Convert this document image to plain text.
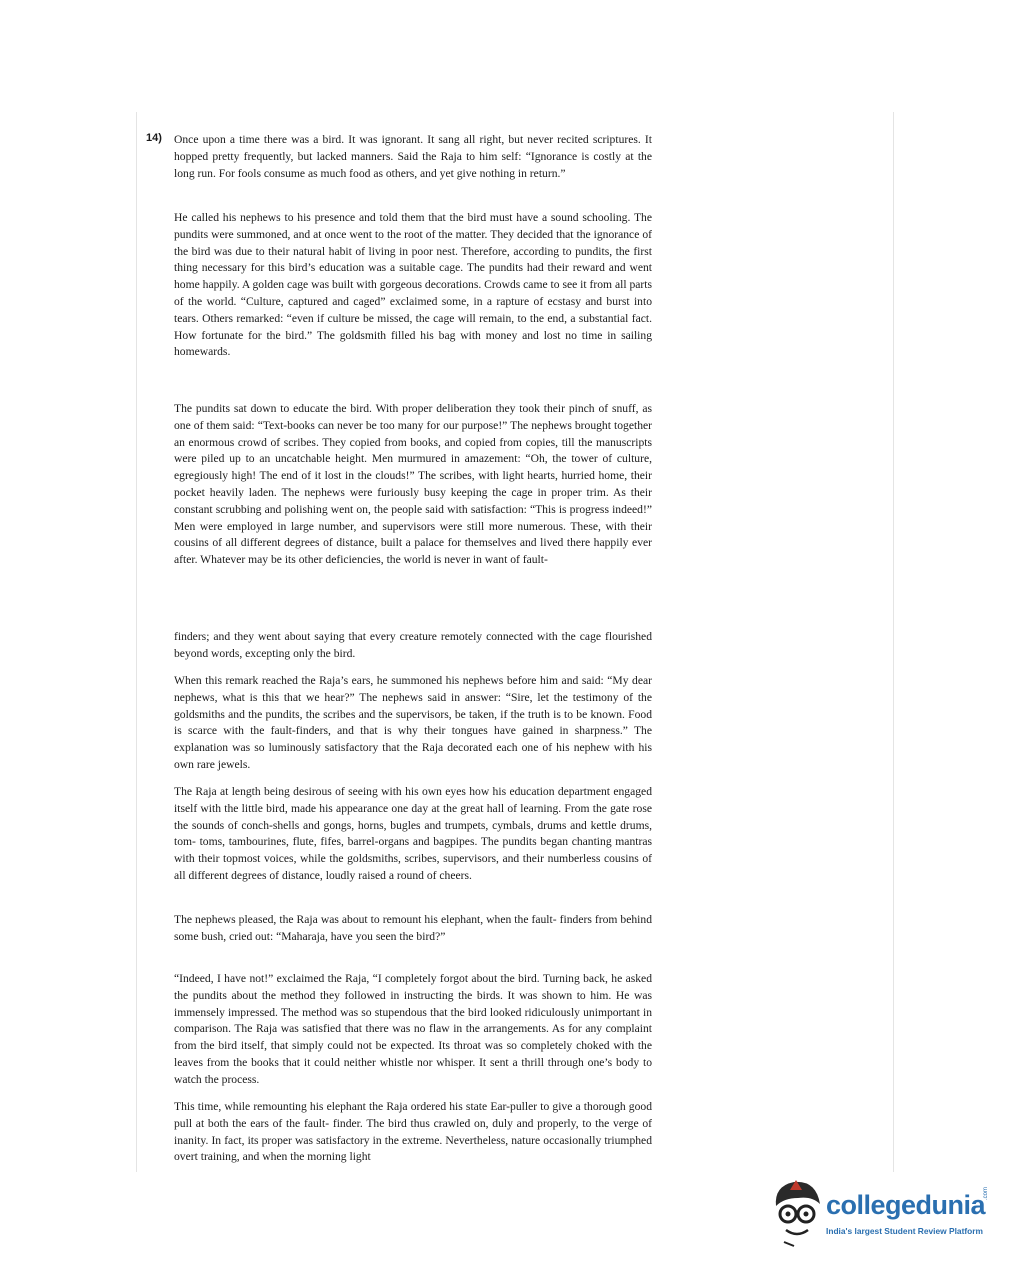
14) Once upon a time there was a bird. It was ignorant. It sang all right, but never recited scriptures. It hopped pretty frequently, but lacked manners. Said the Raja to him self: “Ignorance is costly at the long run. For fools consume as much food as others, and yet give nothing in return.”

He called his nephews to his presence and told them that the bird must have a sound schooling. The pundits were summoned, and at once went to the root of the matter. They decided that the ignorance of the bird was due to their natural habit of living in poor nest. Therefore, according to pundits, the first thing necessary for this bird’s education was a suitable cage. The pundits had their reward and went home happily. A golden cage was built with gorgeous decorations. Crowds came to see it from all parts of the world. “Culture, captured and caged” exclaimed some, in a rapture of ecstasy and burst into tears. Others remarked: “even if culture be missed, the cage will remain, to the end, a substantial fact. How fortunate for the bird.” The goldsmith filled his bag with money and lost no time in sailing homewards.

The pundits sat down to educate the bird. With proper deliberation they took their pinch of snuff, as one of them said: “Text-books can never be too many for our purpose!” The nephews brought together an enormous crowd of scribes. They copied from books, and copied from copies, till the manuscripts were piled up to an uncatchable height. Men murmured in amazement: “Oh, the tower of culture, egregiously high! The end of it lost in the clouds!” The scribes, with light hearts, hurried home, their pocket heavily laden. The nephews were furiously busy keeping the cage in proper trim. As their constant scrubbing and polishing went on, the people said with satisfaction: “This is progress indeed!” Men were employed in large number, and supervisors were still more numerous. These, with their cousins of all different degrees of distance, built a palace for themselves and lived there happily ever after. Whatever may be its other deficiencies, the world is never in want of fault-

finders; and they went about saying that every creature remotely connected with the cage flourished beyond words, excepting only the bird.

When this remark reached the Raja’s ears, he summoned his nephews before him and said: “My dear nephews, what is this that we hear?” The nephews said in answer: “Sire, let the testimony of the goldsmiths and the pundits, the scribes and the supervisors, be taken, if the truth is to be known. Food is scarce with the fault-finders, and that is why their tongues have gained in sharpness.” The explanation was so luminously satisfactory that the Raja decorated each one of his nephew with his own rare jewels.

The Raja at length being desirous of seeing with his own eyes how his education department engaged itself with the little bird, made his appearance one day at the great hall of learning. From the gate rose the sounds of conch-shells and gongs, horns, bugles and trumpets, cymbals, drums and kettle drums, tom- toms, tambourines, flute, fifes, barrel-organs and bagpipes. The pundits began chanting mantras with their topmost voices, while the goldsmiths, scribes, supervisors, and their numberless cousins of all different degrees of distance, loudly raised a round of cheers.

The nephews pleased, the Raja was about to remount his elephant, when the fault- finders from behind some bush, cried out: “Maharaja, have you seen the bird?”

“Indeed, I have not!” exclaimed the Raja, “I completely forgot about the bird. Turning back, he asked the pundits about the method they followed in instructing the birds. It was shown to him. He was immensely impressed. The method was so stupendous that the bird looked ridiculously unimportant in comparison. The Raja was satisfied that there was no flaw in the arrangements. As for any complaint from the bird itself, that simply could not be expected. Its throat was so completely choked with the leaves from the books that it could neither whistle nor whisper. It sent a thrill through one’s body to watch the process.

This time, while remounting his elephant the Raja ordered his state Ear-puller to give a thorough good pull at both the ears of the fault- finder. The bird thus crawled on, duly and properly, to the verge of inanity. In fact, its proper was satisfactory in the extreme. Nevertheless, nature occasionally triumphed overt training, and when the morning light

collegedunia
.com
India's largest Student Review Platform
